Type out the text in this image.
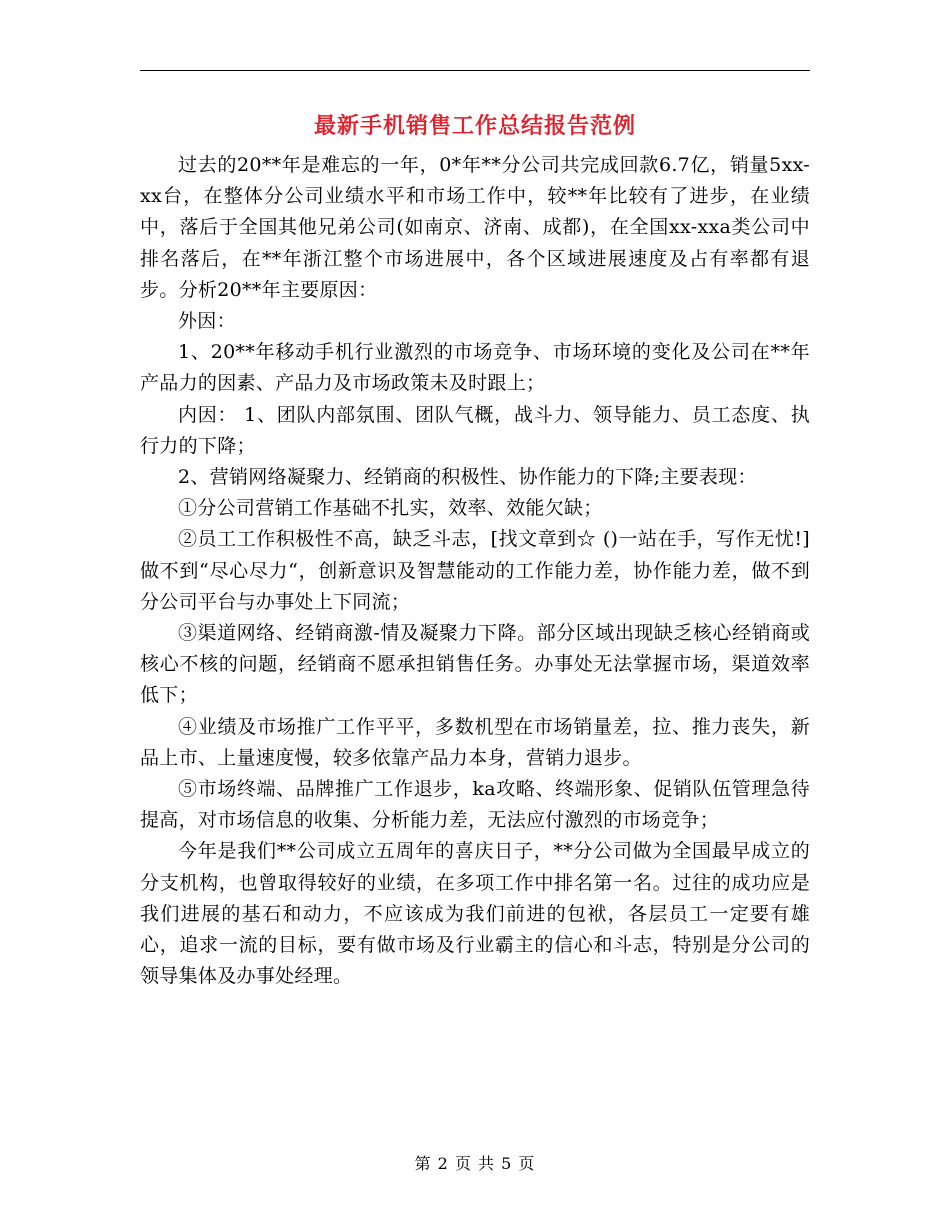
最新手机销售工作总结报告范例

过去的20**年是难忘的一年，0*年**分公司共完成回款6.7亿，销量5xx-xx台，在整体分公司业绩水平和市场工作中，较**年比较有了进步，在业绩中，落后于全国其他兄弟公司(如南京、济南、成都)，在全国xx-xxa类公司中排名落后，在**年浙江整个市场进展中，各个区域进展速度及占有率都有退步。分析20**年主要原因：

外因：

1、20**年移动手机行业激烈的市场竞争、市场环境的变化及公司在**年产品力的因素、产品力及市场政策未及时跟上；

内因： 1、团队内部氛围、团队气概，战斗力、领导能力、员工态度、执行力的下降；

2、营销网络凝聚力、经销商的积极性、协作能力的下降;主要表现：

①分公司营销工作基础不扎实，效率、效能欠缺；

②员工工作积极性不高，缺乏斗志，[找文章到☆ ()一站在手，写作无忧!]做不到“尽心尽力“，创新意识及智慧能动的工作能力差，协作能力差，做不到分公司平台与办事处上下同流；

③渠道网络、经销商激-情及凝聚力下降。部分区域出现缺乏核心经销商或核心不核的问题，经销商不愿承担销售任务。办事处无法掌握市场，渠道效率低下；

④业绩及市场推广工作平平，多数机型在市场销量差，拉、推力丧失，新品上市、上量速度慢，较多依靠产品力本身，营销力退步。

⑤市场终端、品牌推广工作退步，ka攻略、终端形象、促销队伍管理急待提高，对市场信息的收集、分析能力差，无法应付激烈的市场竞争；

今年是我们**公司成立五周年的喜庆日子，**分公司做为全国最早成立的分支机构，也曾取得较好的业绩，在多项工作中排名第一名。过往的成功应是我们进展的基石和动力，不应该成为我们前进的包袱，各层员工一定要有雄心，追求一流的目标，要有做市场及行业霸主的信心和斗志，特别是分公司的领导集体及办事处经理。

第 2 页 共 5 页
